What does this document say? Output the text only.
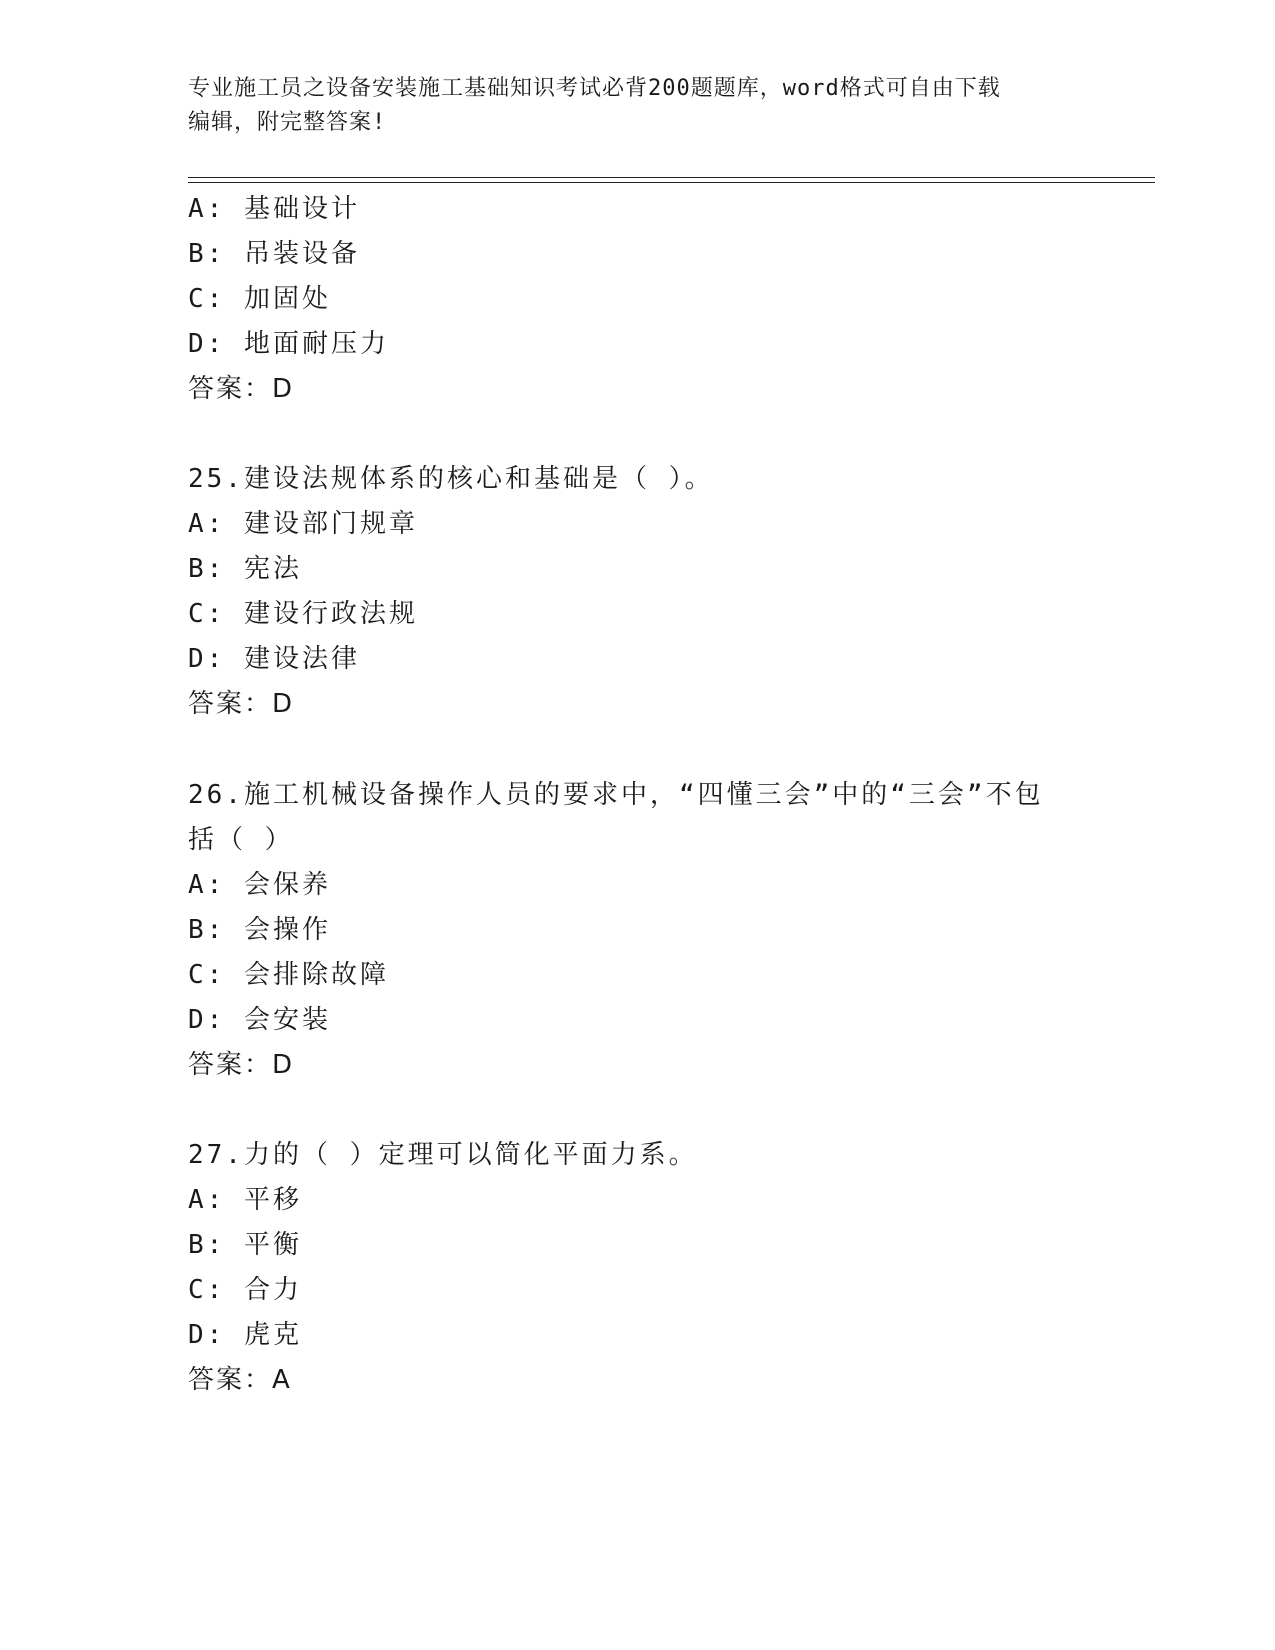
专业施工员之设备安装施工基础知识考试必背200题题库，word格式可自由下载
编辑，附完整答案!
A: 基础设计
B: 吊装设备
C: 加固处
D: 地面耐压力
答案：D
25.建设法规体系的核心和基础是（ ）。
A: 建设部门规章
B: 宪法
C: 建设行政法规
D: 建设法律
答案：D
26.施工机械设备操作人员的要求中，“四懂三会”中的“三会”不包
括（ ）
A: 会保养
B: 会操作
C: 会排除故障
D: 会安装
答案：D
27.力的（ ）定理可以简化平面力系。
A: 平移
B: 平衡
C: 合力
D: 虎克
答案：A
